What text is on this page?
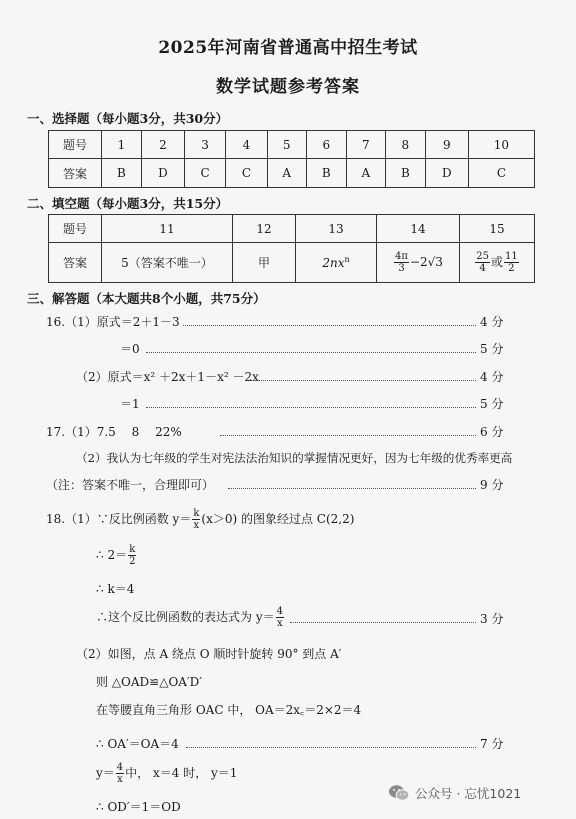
2025年河南省普通高中招生考试
数学试题参考答案
一、选择题（每小题3分，共30分）
题号	1	2	3	4	5	6	7	8	9	10
答案	B	D	C	C	A	B	A	B	D	C
二、填空题（每小题3分，共15分）
题号	11	12	13	14	15
答案	5（答案不唯一）	甲	$2nx^n$	$\frac{4\pi}{3} -2√3$	$\frac{25}{4}$ 或 $\frac{11}{2}$
三、解答题（本大题共8个小题，共75分）
16.（1）原式＝2＋1－3	4 分
＝0	5 分
（2）原式＝x² ＋2x＋1－x² －2x	4 分
＝1	5 分
17.（1）7.5　 8　 22%	6 分
（2）我认为七年级的学生对宪法法治知识的掌握情况更好，因为七年级的优秀率更高
（注：答案不唯一，合理即可）	9 分
18.（1）∵反比例函数 $y= \frac{k}{x} (x>0)$ 的图象经过点 C(2,2)
∴ $2= \frac{k}{2}$
∴ k＝4
∴这个反比例函数的表达式为 $y= \frac{4}{x}$	3 分
（2）如图，点 A 绕点 O 顺时针旋转 90° 到点 A′
则 △OAD≌△OA′D′
在等腰直角三角形 OAC 中， OA＝2x꜀＝2×2＝4
∴ OA′＝OA＝4	7 分
$y= \frac{4}{x}$ 中， x＝4 时， y＝1
∴ OD′＝1＝OD
公众号 · 忘忧1021
